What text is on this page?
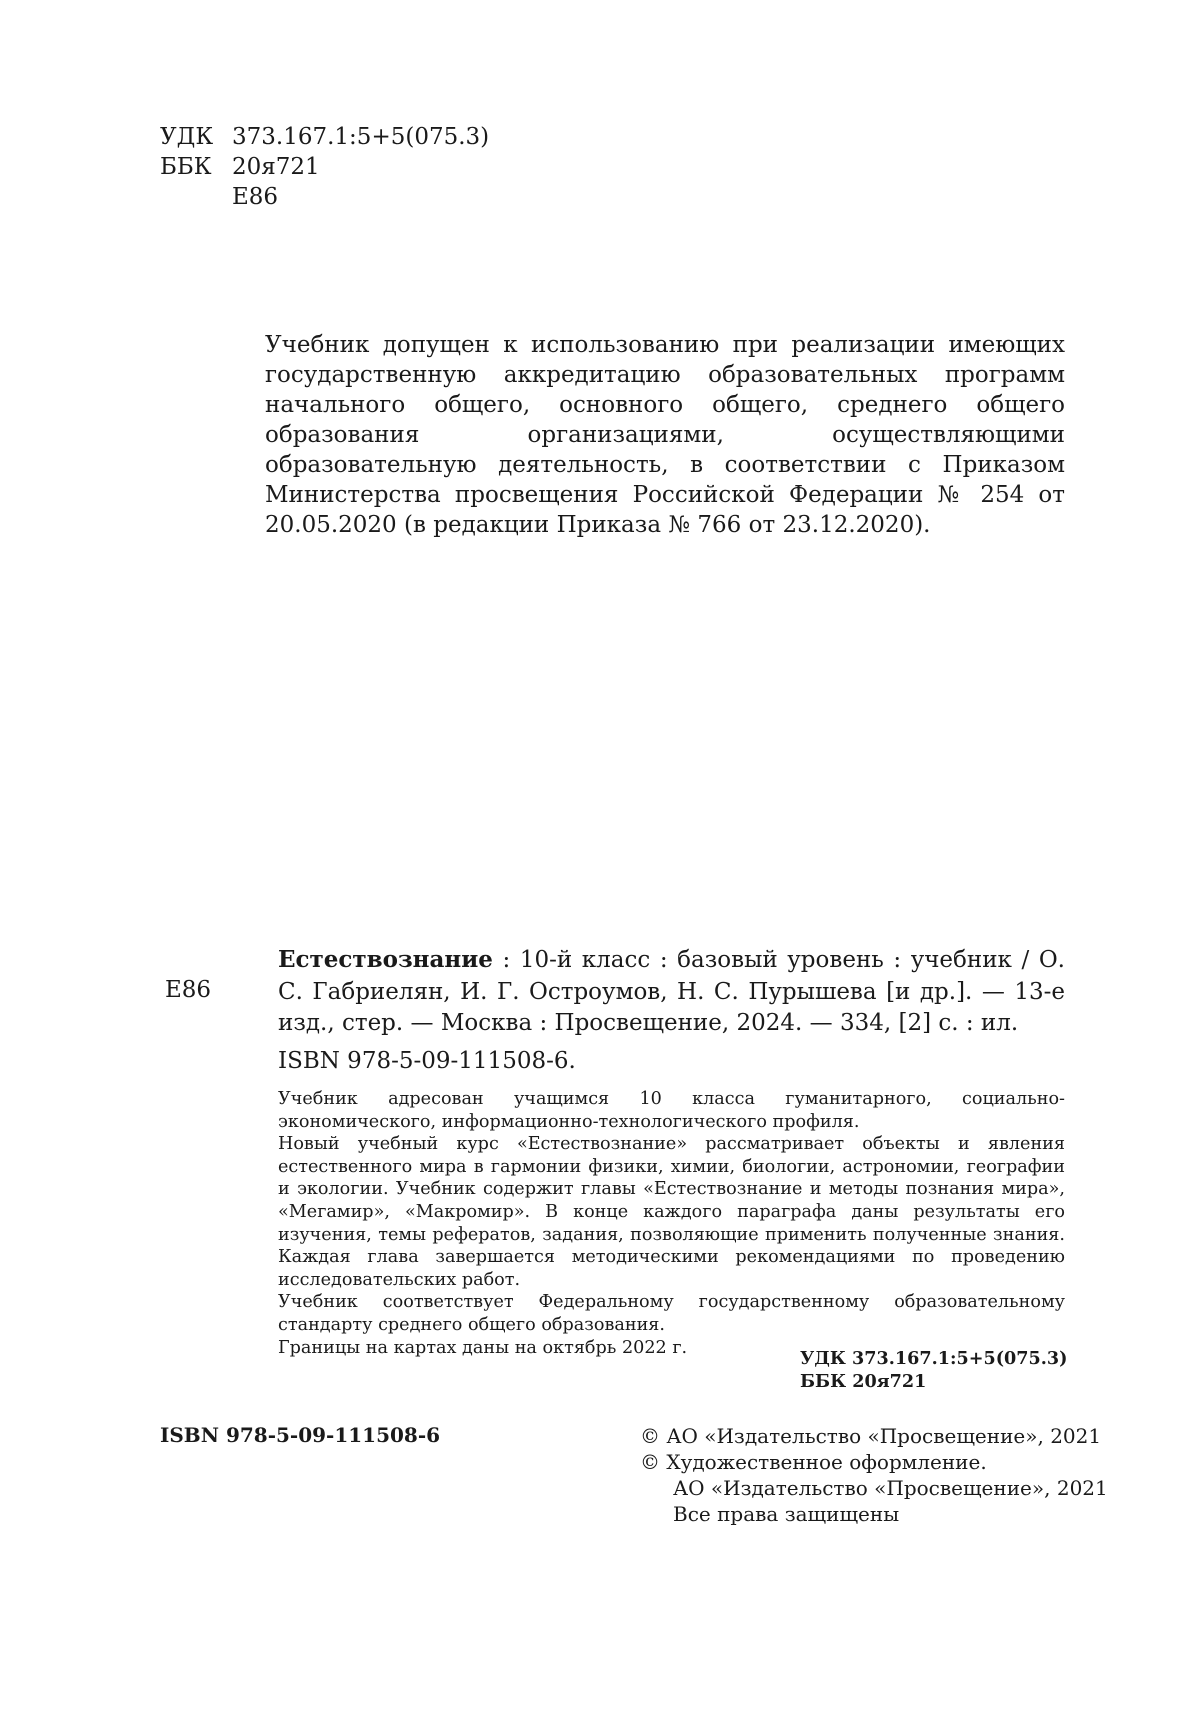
УДК 373.167.1:5+5(075.3)
ББК 20я721
Е86
Учебник допущен к использованию при реализации имеющих государственную аккредитацию образовательных программ начального общего, основного общего, среднего общего образования организациями, осуществляющими образовательную деятельность, в соответствии с Приказом Министерства просвещения Российской Федерации № 254 от 20.05.2020 (в редакции Приказа № 766 от 23.12.2020).
Е86
Естествознание : 10-й класс : базовый уровень : учебник / О. С. Габриелян, И. Г. Остроумов, Н. С. Пурышева [и др.]. — 13-е изд., стер. — Москва : Просвещение, 2024. — 334, [2] с. : ил.
ISBN 978-5-09-111508-6.

Учебник адресован учащимся 10 класса гуманитарного, социально-экономического, информационно-технологического профиля.

Новый учебный курс «Естествознание» рассматривает объекты и явления естественного мира в гармонии физики, химии, биологии, астрономии, географии и экологии. Учебник содержит главы «Естествознание и методы познания мира», «Мегамир», «Макромир». В конце каждого параграфа даны результаты его изучения, темы рефератов, задания, позволяющие применить полученные знания. Каждая глава завершается методическими рекомендациями по проведению исследовательских работ.

Учебник соответствует Федеральному государственному образовательному стандарту среднего общего образования.

Границы на картах даны на октябрь 2022 г.

УДК 373.167.1:5+5(075.3)
ББК 20я721
ISBN 978-5-09-111508-6	© АО «Издательство «Просвещение», 2021
© Художественное оформление.
АО «Издательство «Просвещение», 2021
Все права защищены
